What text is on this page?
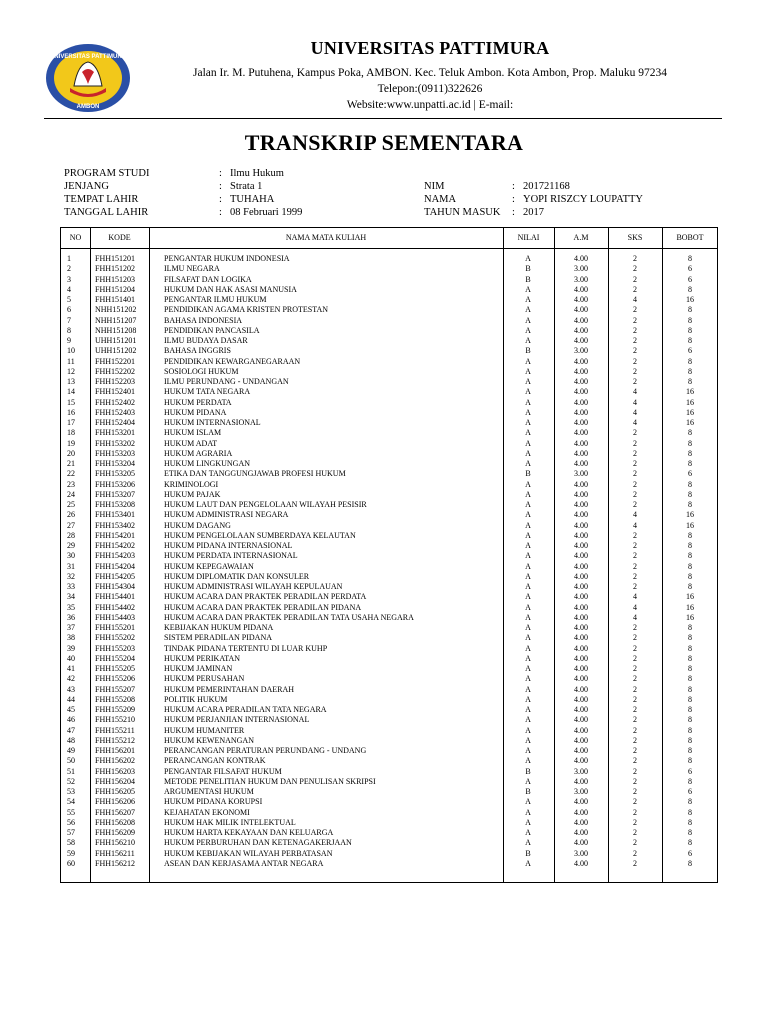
UNIVERSITAS PATTIMURA
AMBON
UNIVERSITAS PATTIMURA
Jalan Ir. M. Putuhena, Kampus Poka, AMBON. Kec. Teluk Ambon. Kota Ambon, Prop. Maluku 97234
Telepon:(0911)322626
Website:www.unpatti.ac.id | E-mail:
TRANSKRIP SEMENTARA
PROGRAM STUDI	: Ilmu Hukum
JENJANG	: Strata 1	NIM	: 201721168
TEMPAT LAHIR	: TUHAHA	NAMA	: YOPI RISZCY LOUPATTY
TANGGAL LAHIR	: 08 Februari 1999	TAHUN MASUK : 2017
NO	KODE	NAMA MATA KULIAH	NILAI	A.M	SKS	BOBOT
1	FHH151201	PENGANTAR HUKUM INDONESIA	A	4.00	2	8
2	FHH151202	ILMU NEGARA	B	3.00	2	6
3	FHH151203	FILSAFAT DAN LOGIKA	B	3.00	2	6
4	FHH151204	HUKUM DAN HAK ASASI MANUSIA	A	4.00	2	8
5	FHH151401	PENGANTAR ILMU HUKUM	A	4.00	4	16
6	NHH151202	PENDIDIKAN AGAMA KRISTEN PROTESTAN	A	4.00	2	8
7	NHH151207	BAHASA INDONESIA	A	4.00	2	8
8	NHH151208	PENDIDIKAN PANCASILA	A	4.00	2	8
9	UHH151201	ILMU BUDAYA DASAR	A	4.00	2	8
10	UHH151202	BAHASA INGGRIS	B	3.00	2	6
11	FHH152201	PENDIDIKAN KEWARGANEGARAAN	A	4.00	2	8
12	FHH152202	SOSIOLOGI HUKUM	A	4.00	2	8
13	FHH152203	ILMU PERUNDANG - UNDANGAN	A	4.00	2	8
14	FHH152401	HUKUM TATA NEGARA	A	4.00	4	16
15	FHH152402	HUKUM PERDATA	A	4.00	4	16
16	FHH152403	HUKUM PIDANA	A	4.00	4	16
17	FHH152404	HUKUM INTERNASIONAL	A	4.00	4	16
18	FHH153201	HUKUM ISLAM	A	4.00	2	8
19	FHH153202	HUKUM ADAT	A	4.00	2	8
20	FHH153203	HUKUM AGRARIA	A	4.00	2	8
21	FHH153204	HUKUM LINGKUNGAN	A	4.00	2	8
22	FHH153205	ETIKA DAN TANGGUNGJAWAB PROFESI HUKUM	B	3.00	2	6
23	FHH153206	KRIMINOLOGI	A	4.00	2	8
24	FHH153207	HUKUM PAJAK	A	4.00	2	8
25	FHH153208	HUKUM LAUT DAN PENGELOLAAN WILAYAH PESISIR	A	4.00	2	8
26	FHH153401	HUKUM ADMINISTRASI NEGARA	A	4.00	4	16
27	FHH153402	HUKUM DAGANG	A	4.00	4	16
28	FHH154201	HUKUM PENGELOLAAN SUMBERDAYA KELAUTAN	A	4.00	2	8
29	FHH154202	HUKUM PIDANA INTERNASIONAL	A	4.00	2	8
30	FHH154203	HUKUM PERDATA INTERNASIONAL	A	4.00	2	8
31	FHH154204	HUKUM KEPEGAWAIAN	A	4.00	2	8
32	FHH154205	HUKUM DIPLOMATIK DAN KONSULER	A	4.00	2	8
33	FHH154304	HUKUM ADMINISTRASI WILAYAH KEPULAUAN	A	4.00	2	8
34	FHH154401	HUKUM ACARA DAN PRAKTEK PERADILAN PERDATA	A	4.00	4	16
35	FHH154402	HUKUM ACARA DAN PRAKTEK PERADILAN PIDANA	A	4.00	4	16
36	FHH154403	HUKUM ACARA DAN PRAKTEK PERADILAN TATA USAHA NEGARA	A	4.00	4	16
37	FHH155201	KEBIJAKAN HUKUM PIDANA	A	4.00	2	8
38	FHH155202	SISTEM PERADILAN PIDANA	A	4.00	2	8
39	FHH155203	TINDAK PIDANA TERTENTU DI LUAR KUHP	A	4.00	2	8
40	FHH155204	HUKUM PERIKATAN	A	4.00	2	8
41	FHH155205	HUKUM JAMINAN	A	4.00	2	8
42	FHH155206	HUKUM PERUSAHAN	A	4.00	2	8
43	FHH155207	HUKUM PEMERINTAHAN DAERAH	A	4.00	2	8
44	FHH155208	POLITIK HUKUM	A	4.00	2	8
45	FHH155209	HUKUM ACARA PERADILAN TATA NEGARA	A	4.00	2	8
46	FHH155210	HUKUM PERJANJIAN INTERNASIONAL	A	4.00	2	8
47	FHH155211	HUKUM HUMANITER	A	4.00	2	8
48	FHH155212	HUKUM KEWENANGAN	A	4.00	2	8
49	FHH156201	PERANCANGAN PERATURAN PERUNDANG - UNDANG	A	4.00	2	8
50	FHH156202	PERANCANGAN KONTRAK	A	4.00	2	8
51	FHH156203	PENGANTAR FILSAFAT HUKUM	B	3.00	2	6
52	FHH156204	METODE PENELITIAN HUKUM DAN PENULISAN SKRIPSI	A	4.00	2	8
53	FHH156205	ARGUMENTASI HUKUM	B	3.00	2	6
54	FHH156206	HUKUM PIDANA KORUPSI	A	4.00	2	8
55	FHH156207	KEJAHATAN EKONOMI	A	4.00	2	8
56	FHH156208	HUKUM HAK MILIK INTELEKTUAL	A	4.00	2	8
57	FHH156209	HUKUM HARTA KEKAYAAN DAN KELUARGA	A	4.00	2	8
58	FHH156210	HUKUM PERBURUHAN DAN KETENAGAKERJAAN	A	4.00	2	8
59	FHH156211	HUKUM KEBIJAKAN WILAYAH PERBATASAN	B	3.00	2	6
60	FHH156212	ASEAN DAN KERJASAMA ANTAR NEGARA	A	4.00	2	8
